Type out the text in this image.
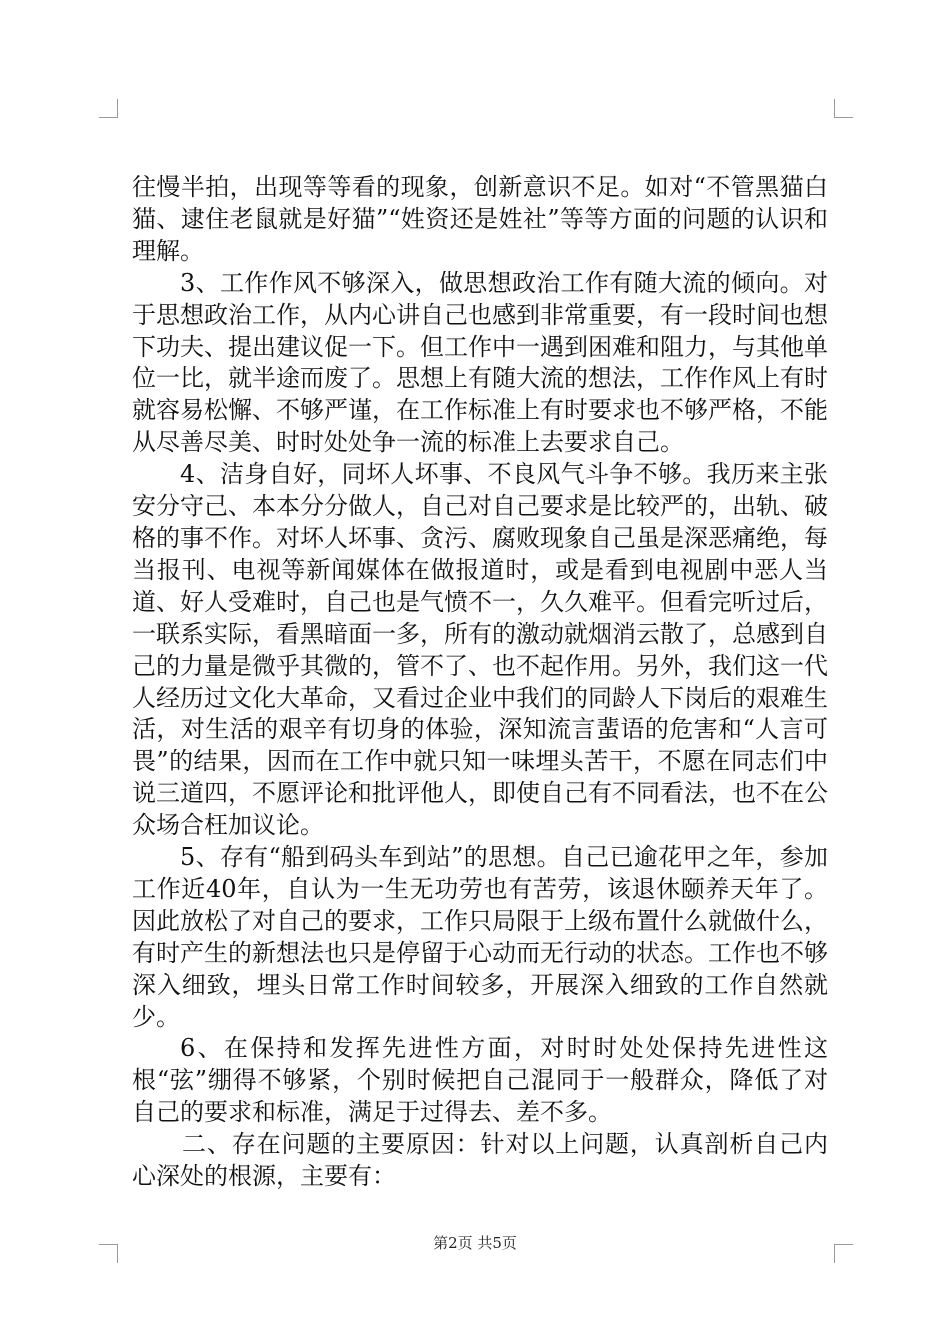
往慢半拍，出现等等看的现象，创新意识不足。如对“不管黑猫白猫、逮住老鼠就是好猫”“姓资还是姓社”等等方面的问题的认识和理解。

3、工作作风不够深入，做思想政治工作有随大流的倾向。对于思想政治工作，从内心讲自己也感到非常重要，有一段时间也想下功夫、提出建议促一下。但工作中一遇到困难和阻力，与其他单位一比，就半途而废了。思想上有随大流的想法，工作作风上有时就容易松懈、不够严谨，在工作标准上有时要求也不够严格，不能从尽善尽美、时时处处争一流的标准上去要求自己。

4、洁身自好，同坏人坏事、不良风气斗争不够。我历来主张安分守己、本本分分做人，自己对自己要求是比较严的，出轨、破格的事不作。对坏人坏事、贪污、腐败现象自己虽是深恶痛绝，每当报刊、电视等新闻媒体在做报道时，或是看到电视剧中恶人当道、好人受难时，自己也是气愤不一，久久难平。但看完听过后，一联系实际，看黑暗面一多，所有的激动就烟消云散了，总感到自己的力量是微乎其微的，管不了、也不起作用。另外，我们这一代人经历过文化大革命，又看过企业中我们的同龄人下岗后的艰难生活，对生活的艰辛有切身的体验，深知流言蜚语的危害和“人言可畏”的结果，因而在工作中就只知一味埋头苦干，不愿在同志们中说三道四，不愿评论和批评他人，即使自己有不同看法，也不在公众场合枉加议论。

5、存有“船到码头车到站”的思想。自己已逾花甲之年，参加工作近40年，自认为一生无功劳也有苦劳，该退休颐养天年了。因此放松了对自己的要求，工作只局限于上级布置什么就做什么，有时产生的新想法也只是停留于心动而无行动的状态。工作也不够深入细致，埋头日常工作时间较多，开展深入细致的工作自然就少。

6、在保持和发挥先进性方面，对时时处处保持先进性这根“弦”绷得不够紧，个别时候把自己混同于一般群众，降低了对自己的要求和标准，满足于过得去、差不多。

二、存在问题的主要原因：针对以上问题，认真剖析自己内心深处的根源，主要有：

第2页 共5页
